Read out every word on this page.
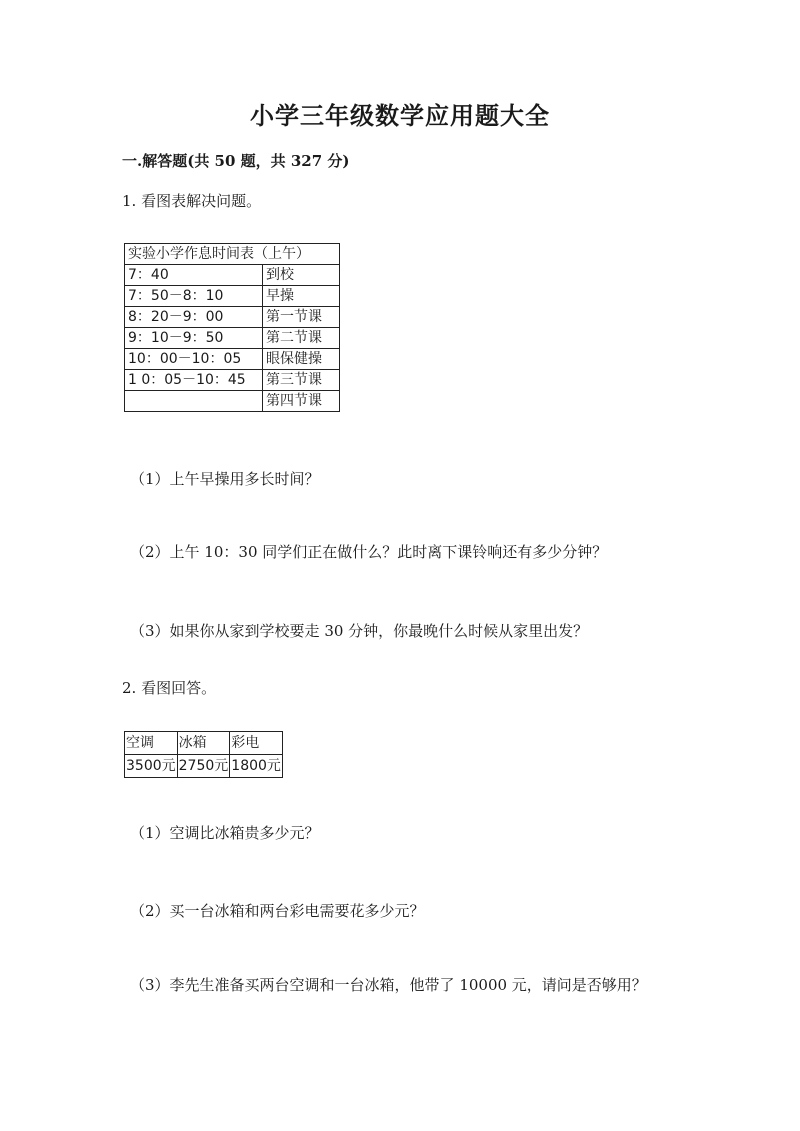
小学三年级数学应用题大全
一.解答题(共 50 题，共 327 分)
1. 看图表解决问题。
实验小学作息时间表（上午）	
7：40	到校
7：50－8：10	早操
8：20－9：00	第一节课
9：10－9：50	第二节课
10：00－10：05	眼保健操
1 0：05－10：45	第三节课
	第四节课
（1）上午早操用多长时间？
（2）上午 10：30 同学们正在做什么？此时离下课铃响还有多少分钟？
（3）如果你从家到学校要走 30 分钟，你最晚什么时候从家里出发？
2. 看图回答。
空调	冰箱	彩电
3500元	2750元	1800元
（1）空调比冰箱贵多少元？
（2）买一台冰箱和两台彩电需要花多少元？
（3）李先生准备买两台空调和一台冰箱，他带了 10000 元，请问是否够用？
